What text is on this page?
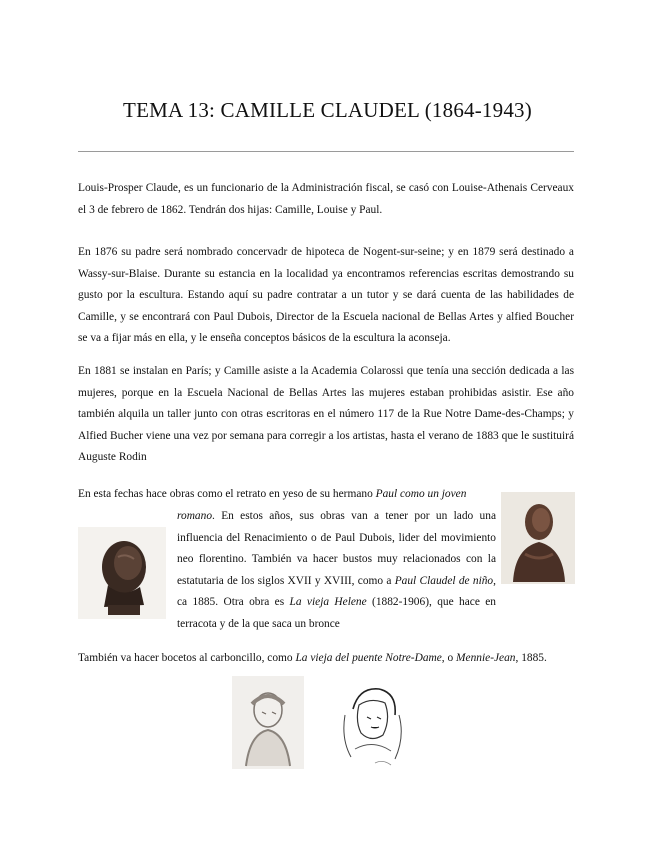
TEMA 13: CAMILLE CLAUDEL (1864-1943)

Louis-Prosper Claude, es un funcionario de la Administración fiscal, se casó con Louise-Athenais Cerveaux el 3 de febrero de 1862. Tendrán dos hijas: Camille, Louise y Paul.

En 1876 su padre será nombrado concervadr de hipoteca de Nogent-sur-seine; y en 1879 será destinado a Wassy-sur-Blaise. Durante su estancia en la localidad ya encontramos referencias escritas demostrando su gusto por la escultura. Estando aquí su padre contratar a un tutor y se dará cuenta de las habilidades de Camille, y se encontrará con Paul Dubois, Director de la Escuela nacional de Bellas Artes y alfied Boucher se va a fijar más en ella, y le enseña conceptos básicos de la escultura la aconseja.

En 1881 se instalan en París; y Camille asiste a la Academia Colarossi que tenía una sección dedicada a las mujeres, porque en la Escuela Nacional de Bellas Artes las mujeres estaban prohibidas asistir. Ese año también alquila un taller junto con otras escritoras en el número 117 de la Rue Notre Dame-des-Champs; y Alfied Bucher viene una vez por semana para corregir a los artistas, hasta el verano de 1883 que le sustituirá Auguste Rodin

En esta fechas hace obras como el retrato en yeso de su hermano Paul como un joven

romano. En estos años, sus obras van a tener por un lado una influencia del Renacimiento o de Paul Dubois, lider del movimiento neo florentino. También va hacer bustos muy relacionados con la estatutaria de los siglos XVII y XVIII, como a Paul Claudel de niño, ca 1885. Otra obra es La vieja Helene (1882-1906), que hace en terracota y de la que saca un bronce

También va hacer bocetos al carboncillo, como La vieja del puente Notre-Dame, o Mennie-Jean, 1885.
